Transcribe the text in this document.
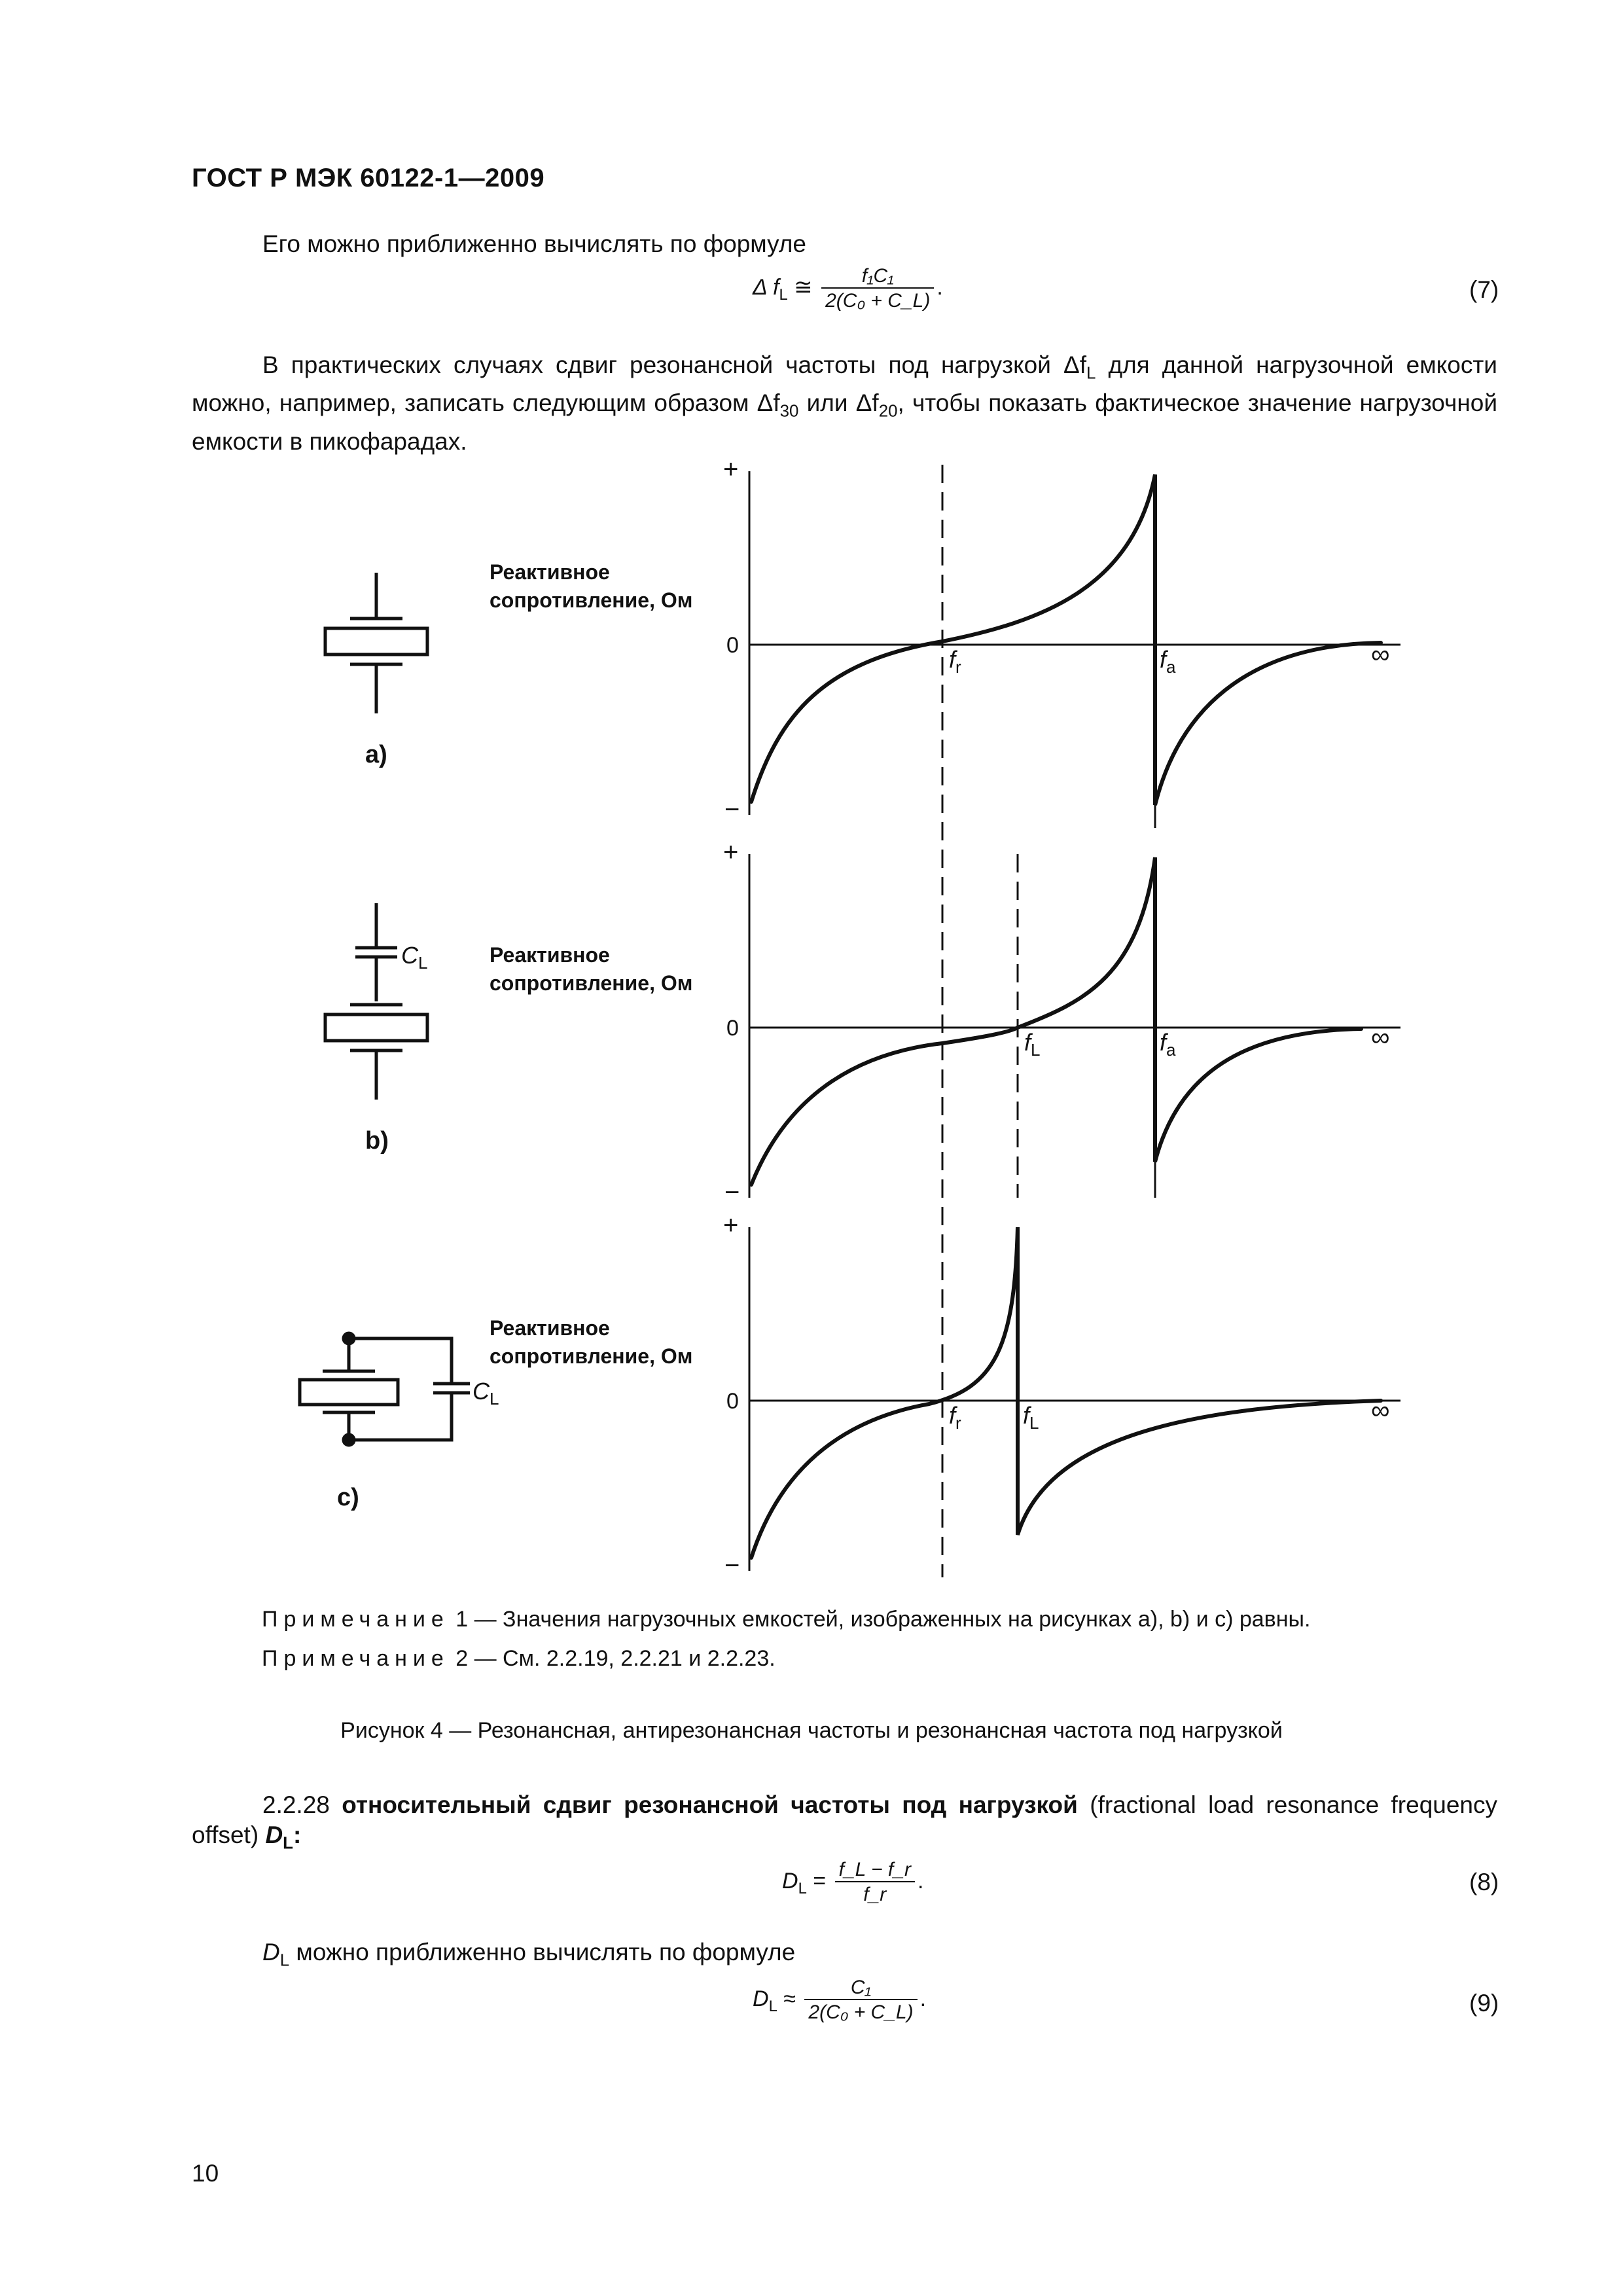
ГОСТ Р МЭК 60122-1—2009
Его можно приближенно вычислять по формуле
Δ $f_L$ ≅ $\frac{\text{f₁C₁}}{\text{2(C₀ + C\_L)}}$ .	(7)
В практических случаях сдвиг резонансной частоты под нагрузкой $\Delta f_L$ для данной нагрузочной емкости можно, например, записать следующим образом $\Delta f_{30}$ или $\Delta f_{20}$, чтобы показать фактическое значение нагрузочной емкости в пикофарадах.
+
−
0	∞
Реактивное
сопротивление, Ом
+
−
0	∞
Реактивное
сопротивление, Ом
+
−
0	∞
Реактивное
сопротивление, Ом
$f_r$	$f_a$
$f_L$	$f_a$
$f_r$	$f_L$
a)
$C_L$
b)
$C_L$
c)
Примечание 1 — Значения нагрузочных емкостей, изображенных на рисунках a), b) и c) равны.
Примечание 2 — См. 2.2.19, 2.2.21 и 2.2.23.
Рисунок 4 — Резонансная, антирезонансная частоты и резонансная частота под нагрузкой
2.2.28 относительный сдвиг резонансной частоты под нагрузкой (fractional load resonance frequency offset) $D_L$:
$D_L = \frac{f\_L - f\_r}{f\_r}$ .	(8)
$D_L$ можно приближенно вычислять по формуле
$D_L \approx \frac{\text{C₁}}{\text{2(C₀ + C\_L)}}$ .	(9)
10
